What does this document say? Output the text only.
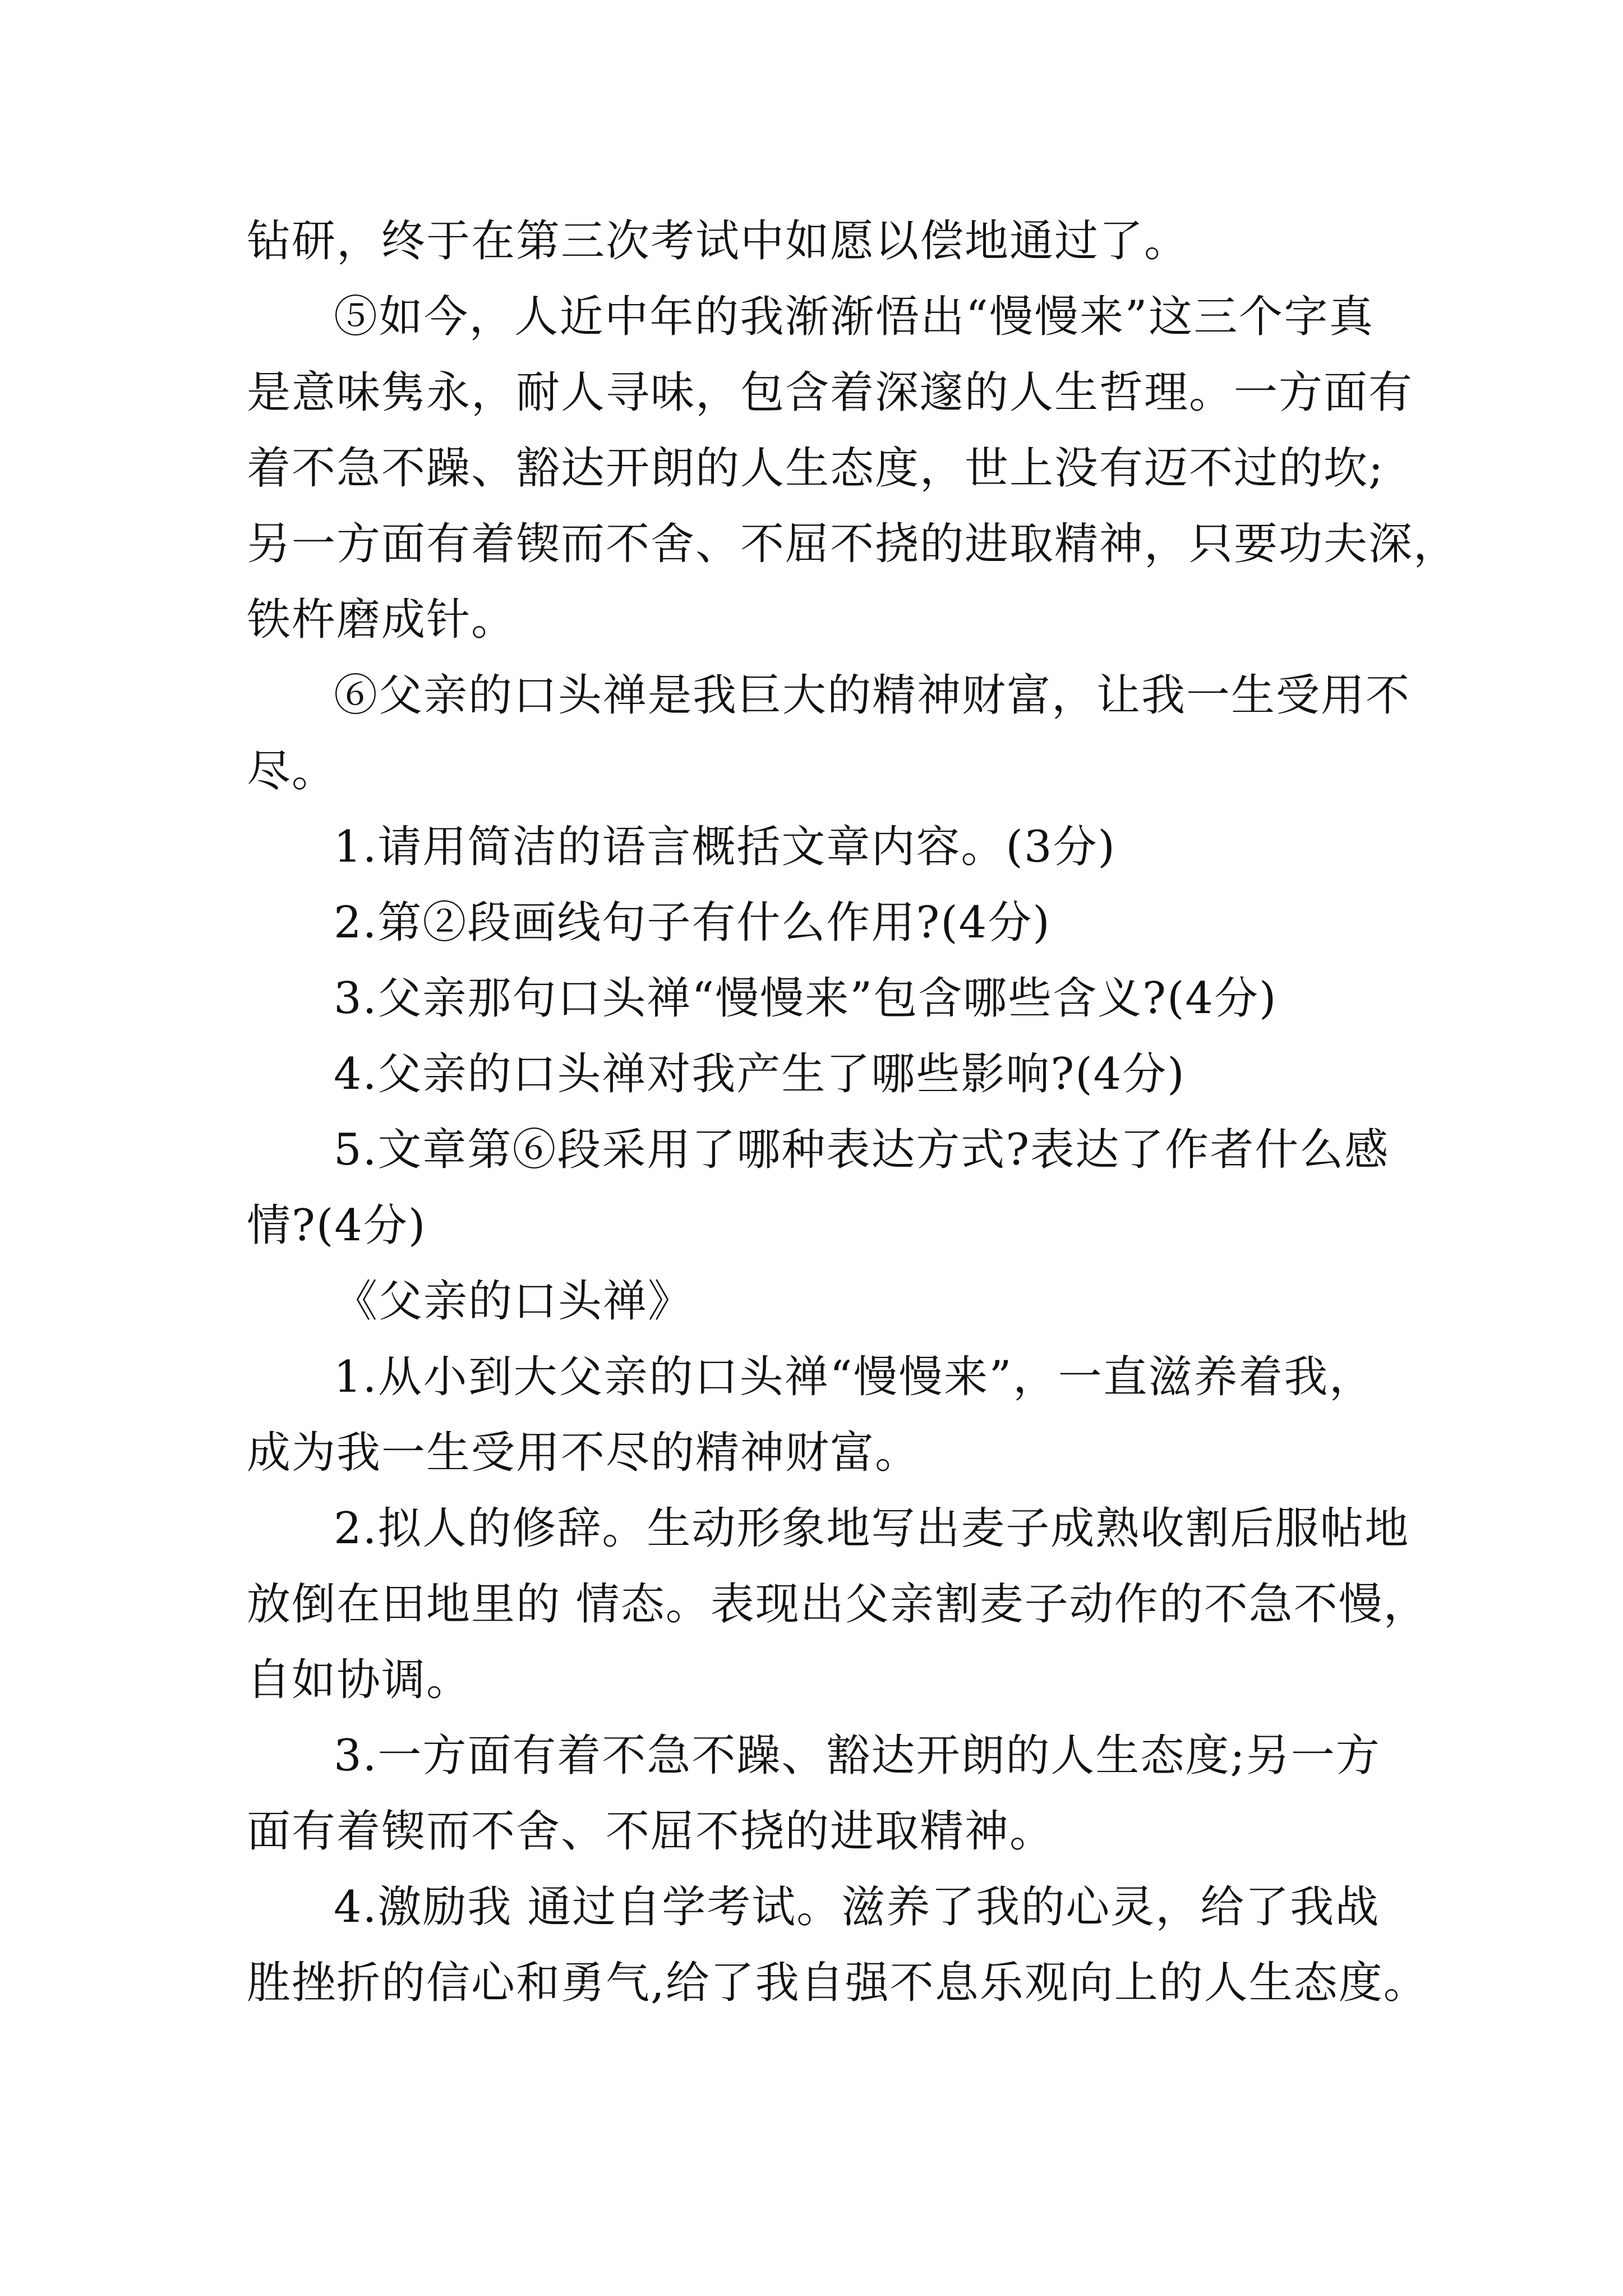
钻研，终于在第三次考试中如愿以偿地通过了。
⑤如今，人近中年的我渐渐悟出“慢慢来”这三个字真
是意味隽永，耐人寻味，包含着深邃的人生哲理。一方面有
着不急不躁、豁达开朗的人生态度，世上没有迈不过的坎;
另一方面有着锲而不舍、不屈不挠的进取精神，只要功夫深，
铁杵磨成针。
⑥父亲的口头禅是我巨大的精神财富，让我一生受用不
尽。
1.请用简洁的语言概括文章内容。(3分)
2.第②段画线句子有什么作用?(4分)
3.父亲那句口头禅“慢慢来”包含哪些含义?(4分)
4.父亲的口头禅对我产生了哪些影响?(4分)
5.文章第⑥段采用了哪种表达方式?表达了作者什么感
情?(4分)
《父亲的口头禅》
1.从小到大父亲的口头禅“慢慢来”，一直滋养着我，
成为我一生受用不尽的精神财富。
2.拟人的修辞。生动形象地写出麦子成熟收割后服帖地
放倒在田地里的 情态。表现出父亲割麦子动作的不急不慢，
自如协调。
3.一方面有着不急不躁、豁达开朗的人生态度;另一方
面有着锲而不舍、不屈不挠的进取精神。
4.激励我 通过自学考试。滋养了我的心灵，给了我战
胜挫折的信心和勇气,给了我自强不息乐观向上的人生态度。
